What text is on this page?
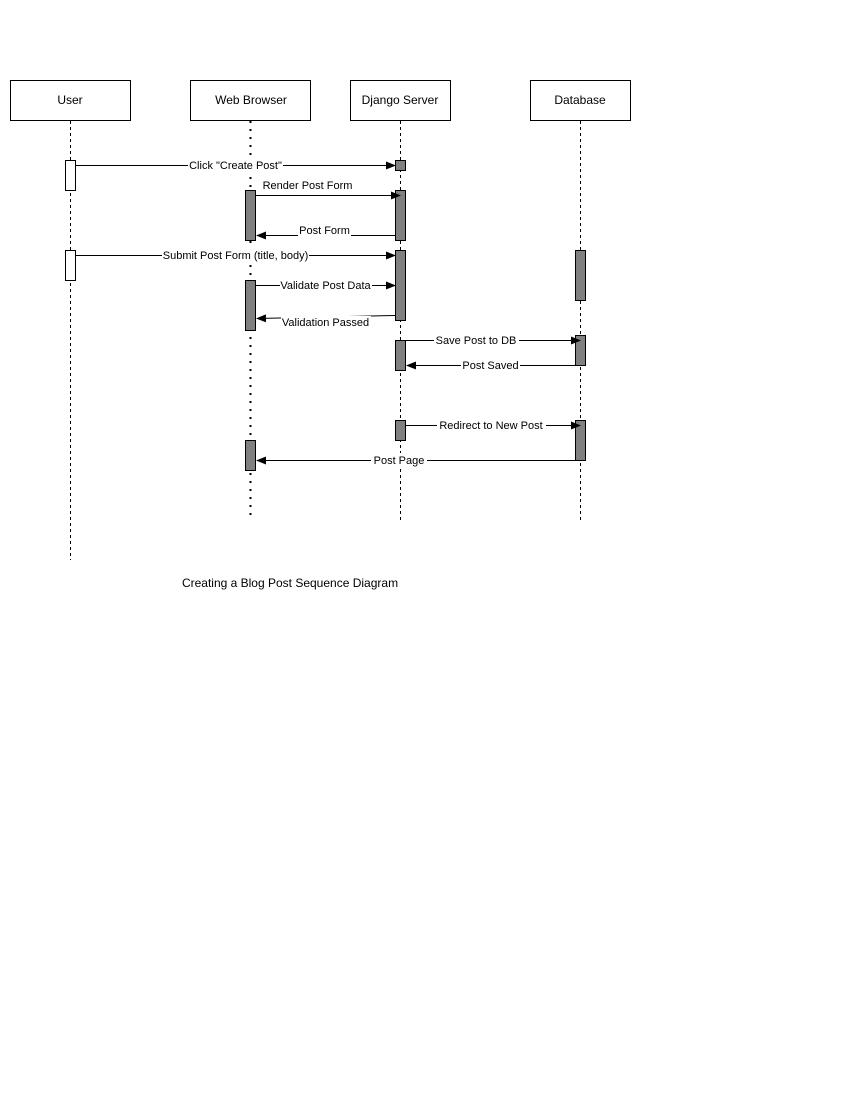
User	Web Browser	Django Server	Database
Click "Create Post"
Render Post Form
Post Form
Submit Post Form (title, body)
Validate Post Data
Validation Passed
Save Post to DB
Post Saved
Redirect to New Post
Post Page
Creating a Blog Post Sequence Diagram
